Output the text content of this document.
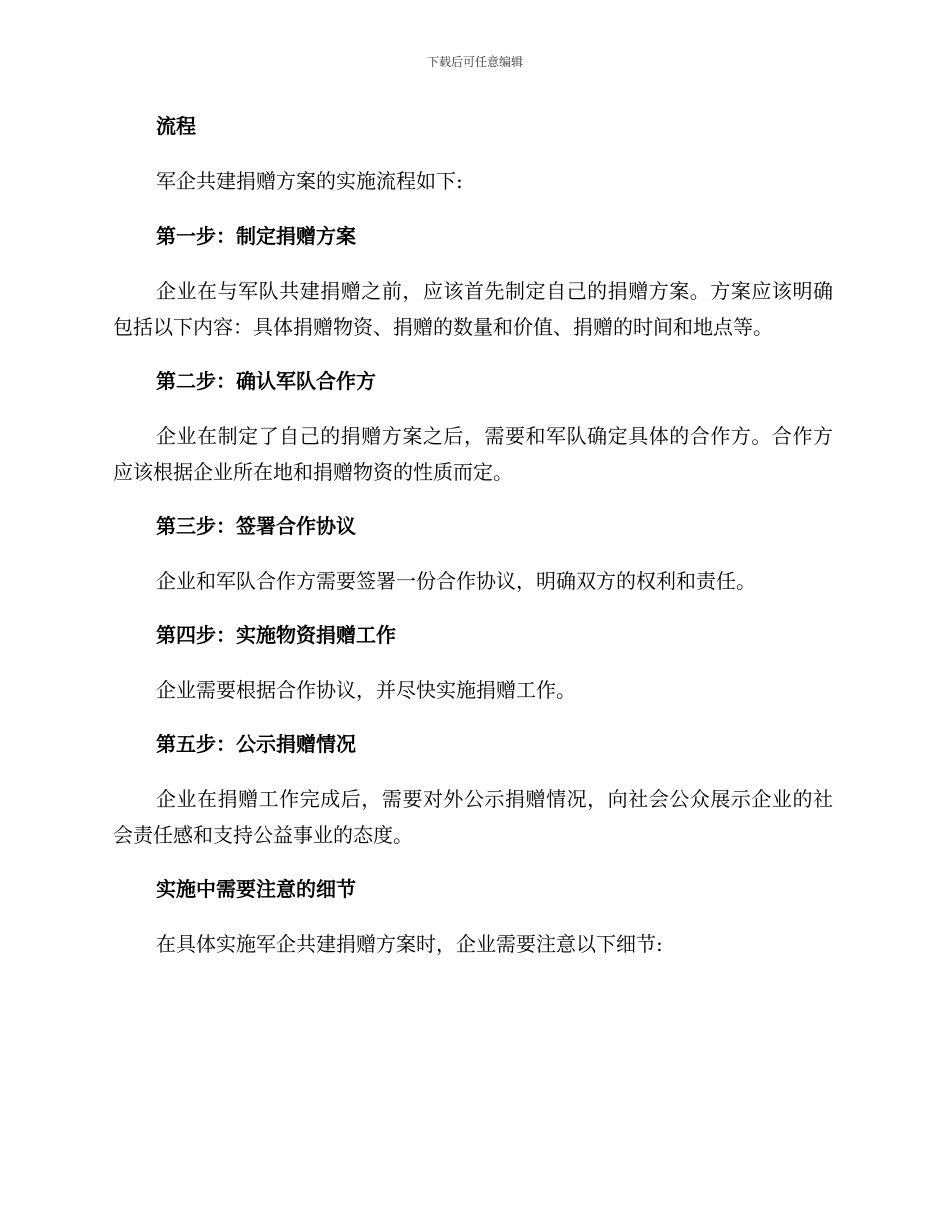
下载后可任意编辑
流程

军企共建捐赠方案的实施流程如下:

第一步：制定捐赠方案

企业在与军队共建捐赠之前，应该首先制定自己的捐赠方案。方案应该明确包括以下内容：具体捐赠物资、捐赠的数量和价值、捐赠的时间和地点等。

第二步：确认军队合作方

企业在制定了自己的捐赠方案之后，需要和军队确定具体的合作方。合作方应该根据企业所在地和捐赠物资的性质而定。

第三步：签署合作协议

企业和军队合作方需要签署一份合作协议，明确双方的权利和责任。

第四步：实施物资捐赠工作

企业需要根据合作协议，并尽快实施捐赠工作。

第五步：公示捐赠情况

企业在捐赠工作完成后，需要对外公示捐赠情况，向社会公众展示企业的社会责任感和支持公益事业的态度。

实施中需要注意的细节

在具体实施军企共建捐赠方案时，企业需要注意以下细节:
